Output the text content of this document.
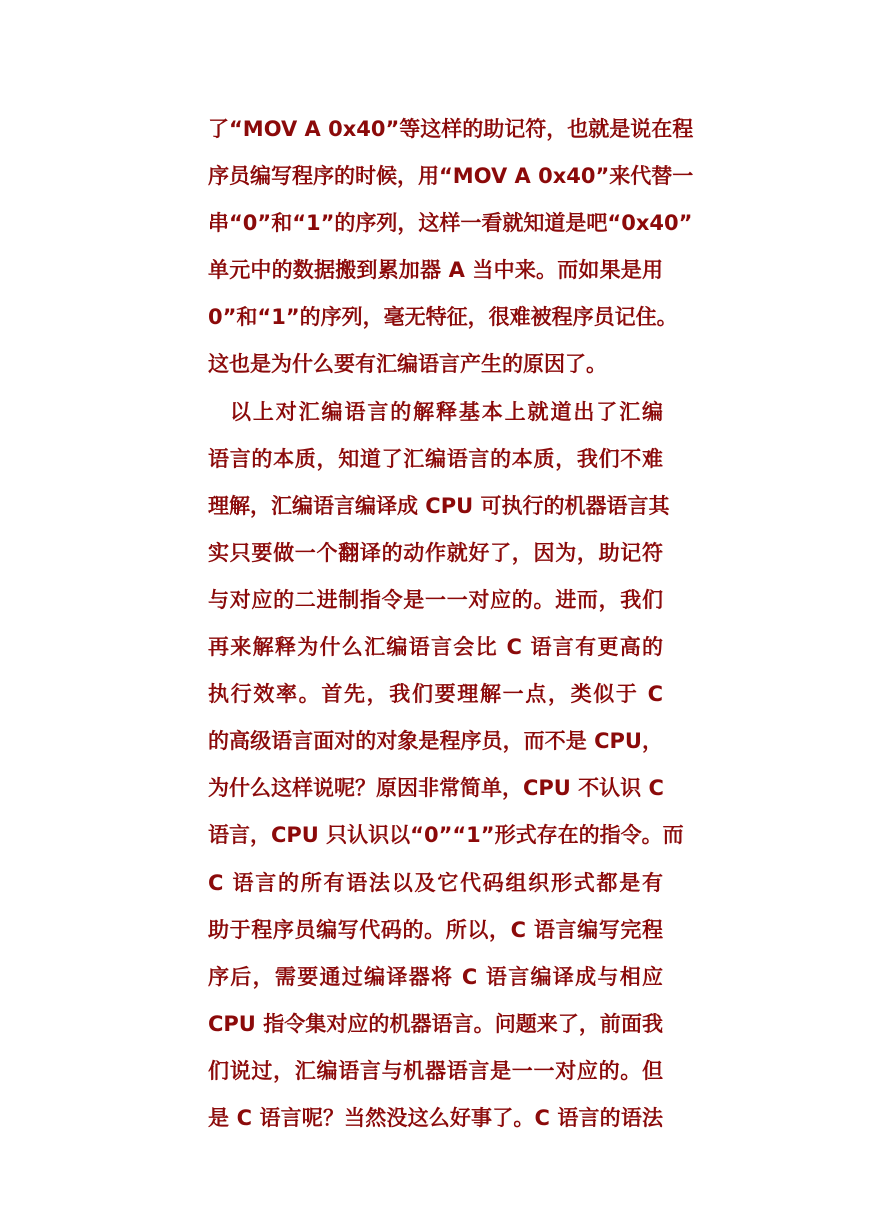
了“MOV A 0x40”等这样的助记符，也就是说在程
序员编写程序的时候，用“MOV A 0x40”来代替一
串“0”和“1”的序列，这样一看就知道是吧“0x40”
单元中的数据搬到累加器 A 当中来。而如果是用
0”和“1”的序列，毫无特征，很难被程序员记住。
这也是为什么要有汇编语言产生的原因了。
以上对汇编语言的解释基本上就道出了汇编
语言的本质，知道了汇编语言的本质，我们不难
理解，汇编语言编译成 CPU 可执行的机器语言其
实只要做一个翻译的动作就好了，因为，助记符
与对应的二进制指令是一一对应的。进而，我们
再来解释为什么汇编语言会比 C 语言有更高的
执行效率。首先，我们要理解一点，类似于 C
的高级语言面对的对象是程序员，而不是 CPU，
为什么这样说呢？原因非常简单，CPU 不认识 C
语言，CPU 只认识以“0”“1”形式存在的指令。而
C 语言的所有语法以及它代码组织形式都是有
助于程序员编写代码的。所以，C 语言编写完程
序后，需要通过编译器将 C 语言编译成与相应
CPU 指令集对应的机器语言。问题来了，前面我
们说过，汇编语言与机器语言是一一对应的。但
是 C 语言呢？当然没这么好事了。C 语言的语法
